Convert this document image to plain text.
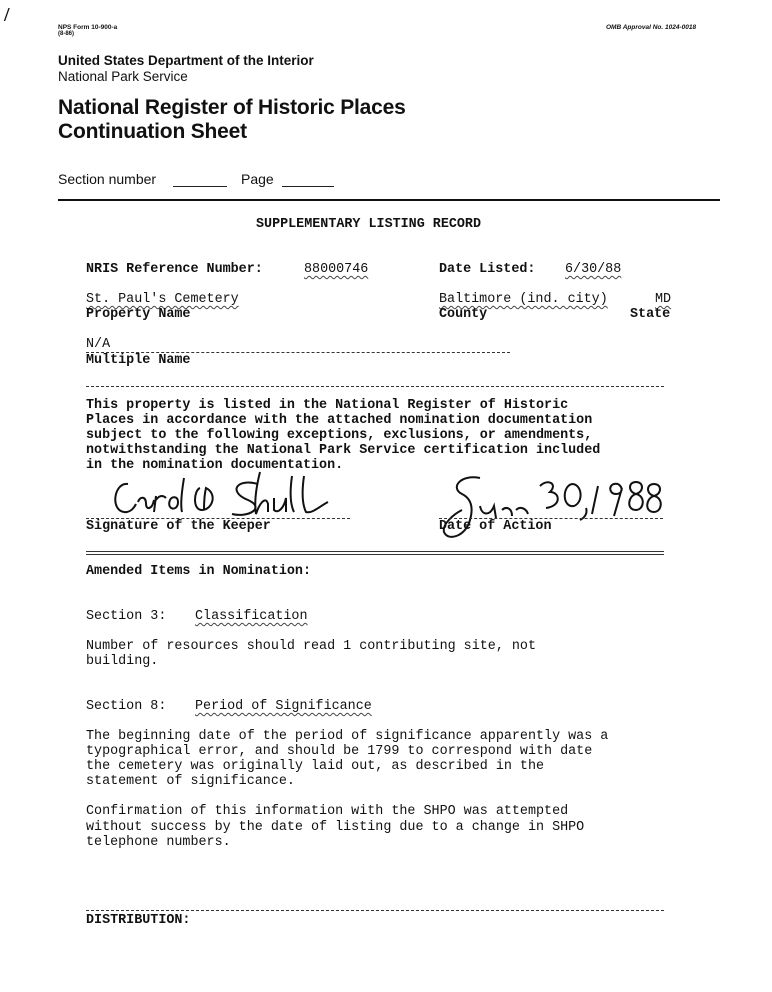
/
NPS Form 10-900-a
(8-86)
OMB Approval No. 1024-0018
United States Department of the Interior
National Park Service
National Register of Historic Places
Continuation Sheet
Section number	Page
SUPPLEMENTARY LISTING RECORD
NRIS Reference Number:	88000746	Date Listed: 6/30/88
St. Paul's Cemetery
Property Name
Baltimore (ind. city)
County
MD
State
N/A
Multiple Name
This property is listed in the National Register of Historic
Places in accordance with the attached nomination documentation
subject to the following exceptions, exclusions, or amendments,
notwithstanding the National Park Service certification included
in the nomination documentation.
Signature of the Keeper	Date of Action
Amended Items in Nomination:
Section 3: Classification
Number of resources should read 1 contributing site, not
building.
Section 8: Period of Significance
The beginning date of the period of significance apparently was a
typographical error, and should be 1799 to correspond with date
the cemetery was originally laid out, as described in the
statement of significance.
Confirmation of this information with the SHPO was attempted
without success by the date of listing due to a change in SHPO
telephone numbers.
DISTRIBUTION:
